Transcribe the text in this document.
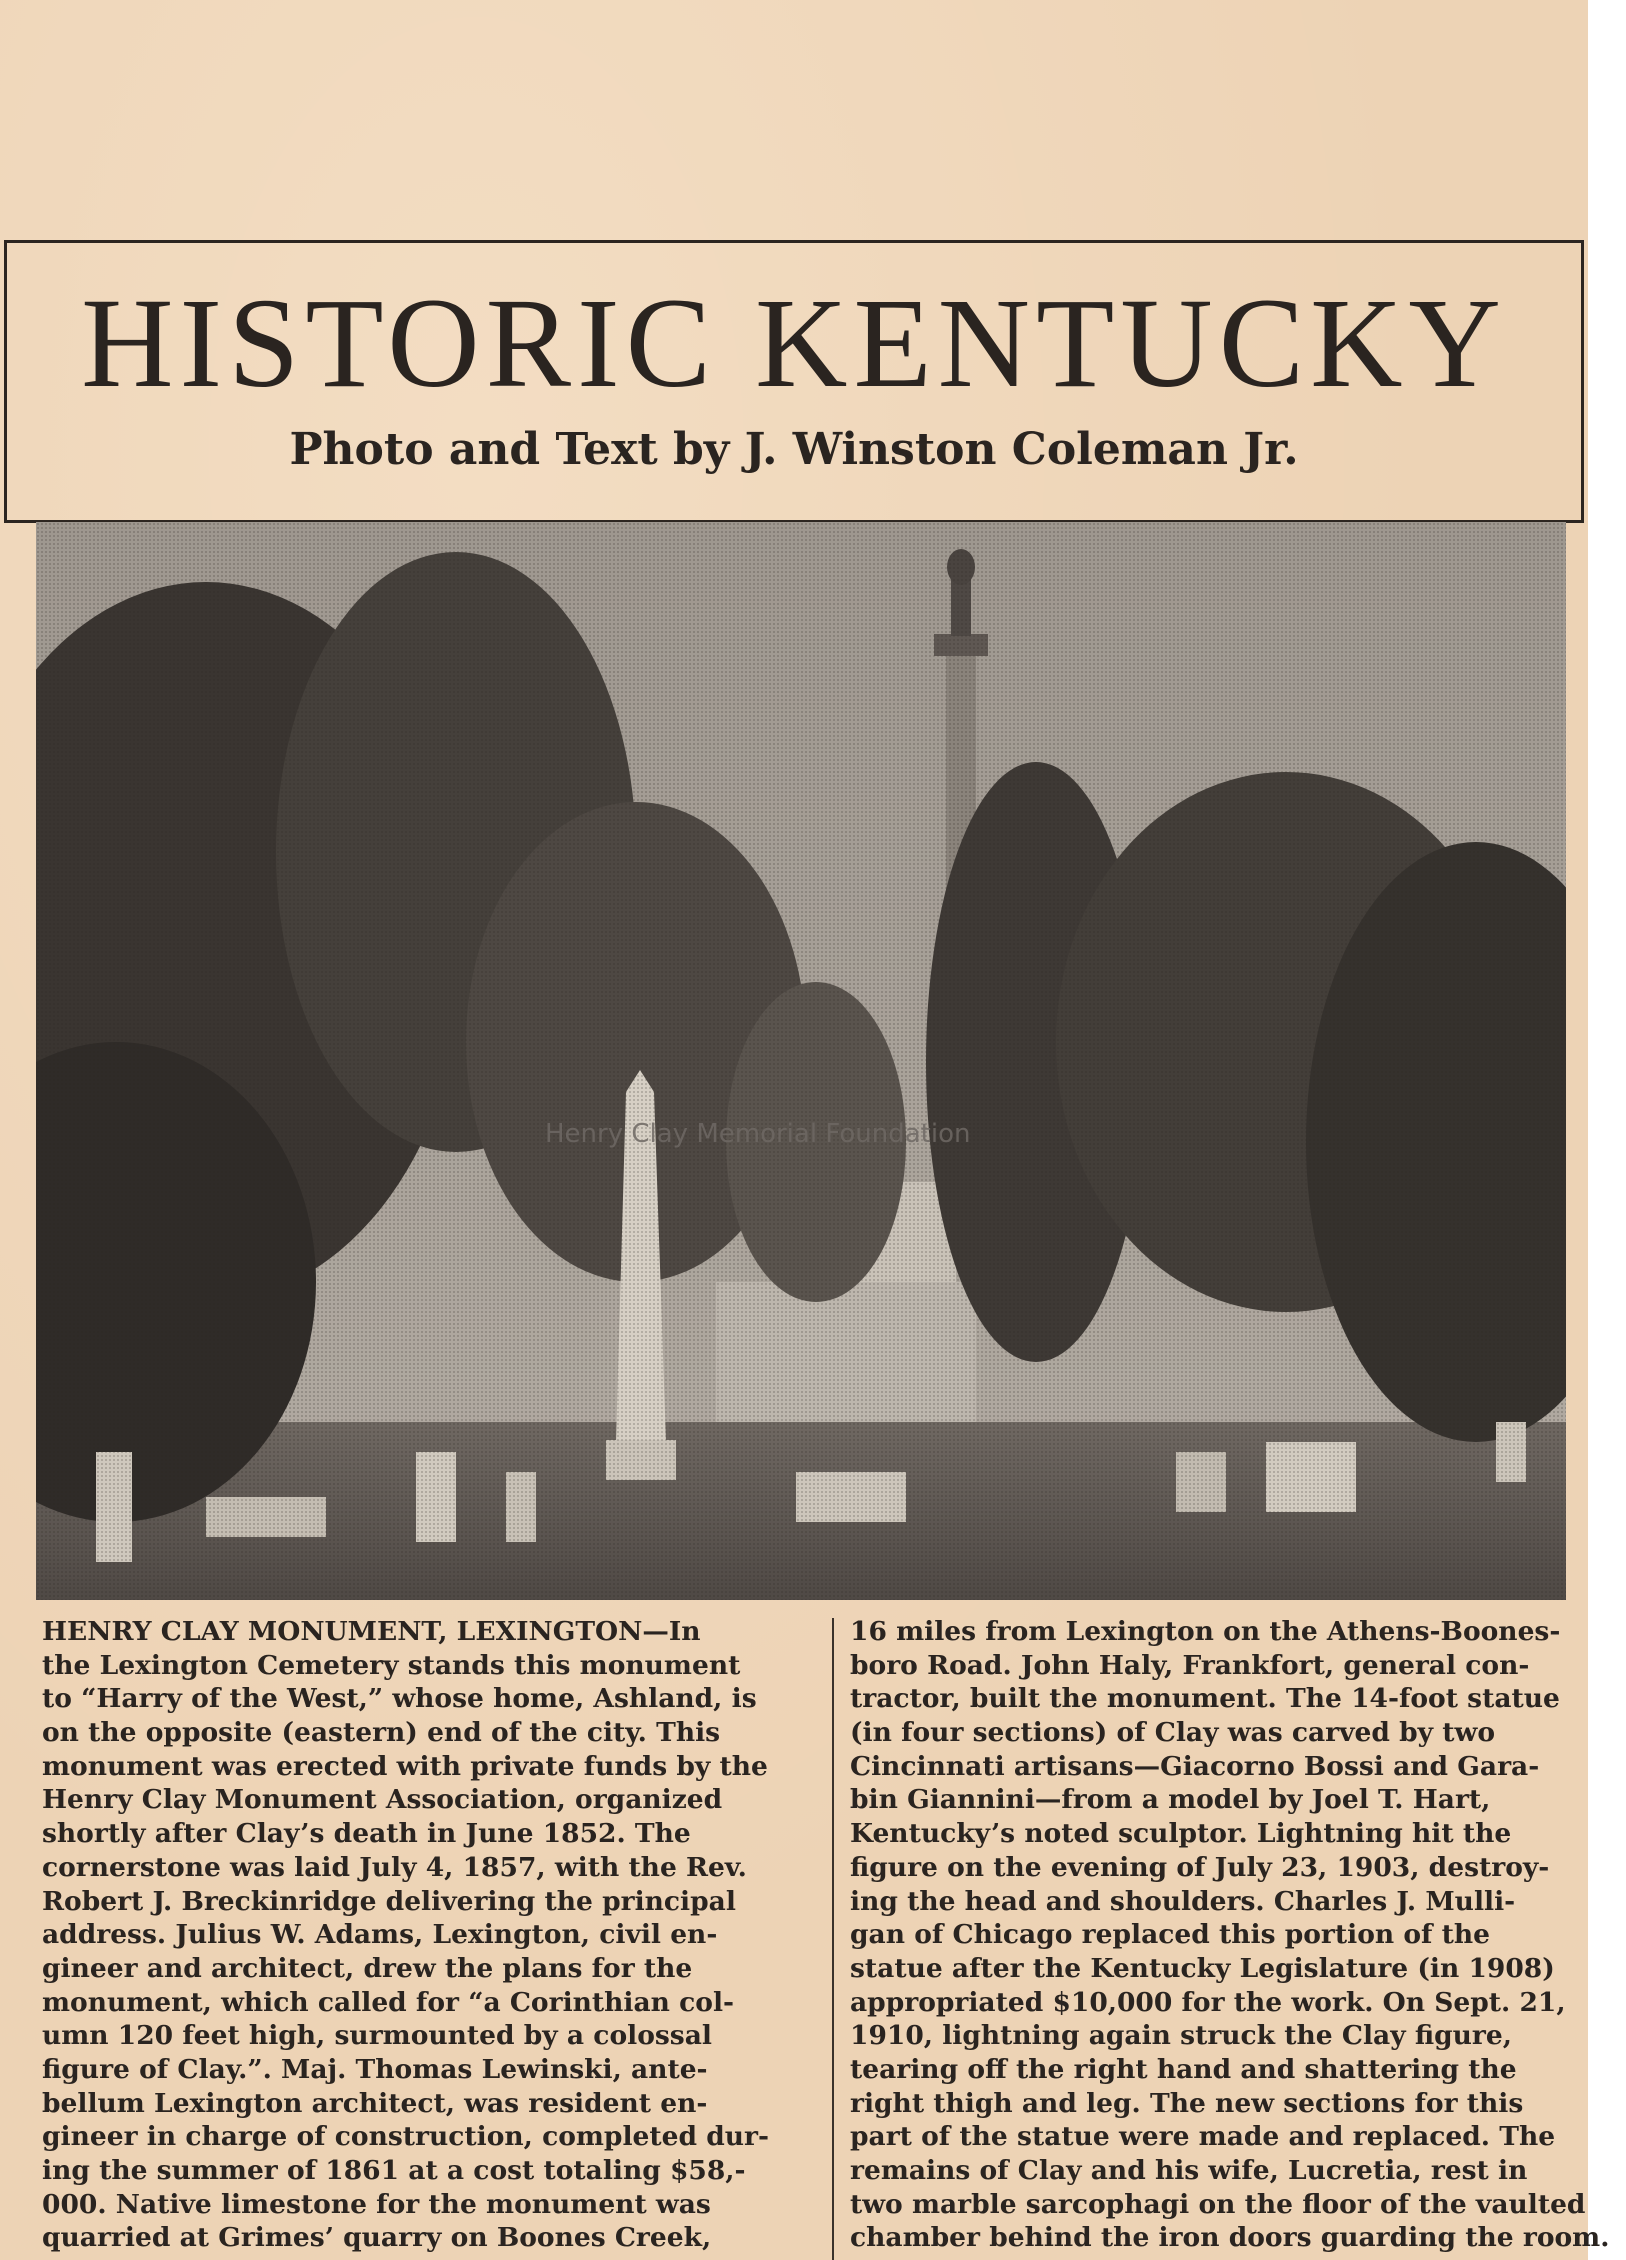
HISTORIC KENTUCKY
Photo and Text by J. Winston Coleman Jr.
Henry Clay Memorial Foundation
HENRY CLAY MONUMENT, LEXINGTON—In
the Lexington Cemetery stands this monument
to “Harry of the West,” whose home, Ashland, is
on the opposite (eastern) end of the city. This
monument was erected with private funds by the
Henry Clay Monument Association, organized
shortly after Clay’s death in June 1852. The
cornerstone was laid July 4, 1857, with the Rev.
Robert J. Breckinridge delivering the principal
address. Julius W. Adams, Lexington, civil en-
gineer and architect, drew the plans for the
monument, which called for “a Corinthian col-
umn 120 feet high, surmounted by a colossal
figure of Clay.”. Maj. Thomas Lewinski, ante-
bellum Lexington architect, was resident en-
gineer in charge of construction, completed dur-
ing the summer of 1861 at a cost totaling $58,-
000. Native limestone for the monument was
quarried at Grimes’ quarry on Boones Creek,
16 miles from Lexington on the Athens-Boones-
boro Road. John Haly, Frankfort, general con-
tractor, built the monument. The 14-foot statue
(in four sections) of Clay was carved by two
Cincinnati artisans—Giacorno Bossi and Gara-
bin Giannini—from a model by Joel T. Hart,
Kentucky’s noted sculptor. Lightning hit the
figure on the evening of July 23, 1903, destroy-
ing the head and shoulders. Charles J. Mulli-
gan of Chicago replaced this portion of the
statue after the Kentucky Legislature (in 1908)
appropriated $10,000 for the work. On Sept. 21,
1910, lightning again struck the Clay figure,
tearing off the right hand and shattering the
right thigh and leg. The new sections for this
part of the statue were made and replaced. The
remains of Clay and his wife, Lucretia, rest in
two marble sarcophagi on the floor of the vaulted
chamber behind the iron doors guarding the room.
